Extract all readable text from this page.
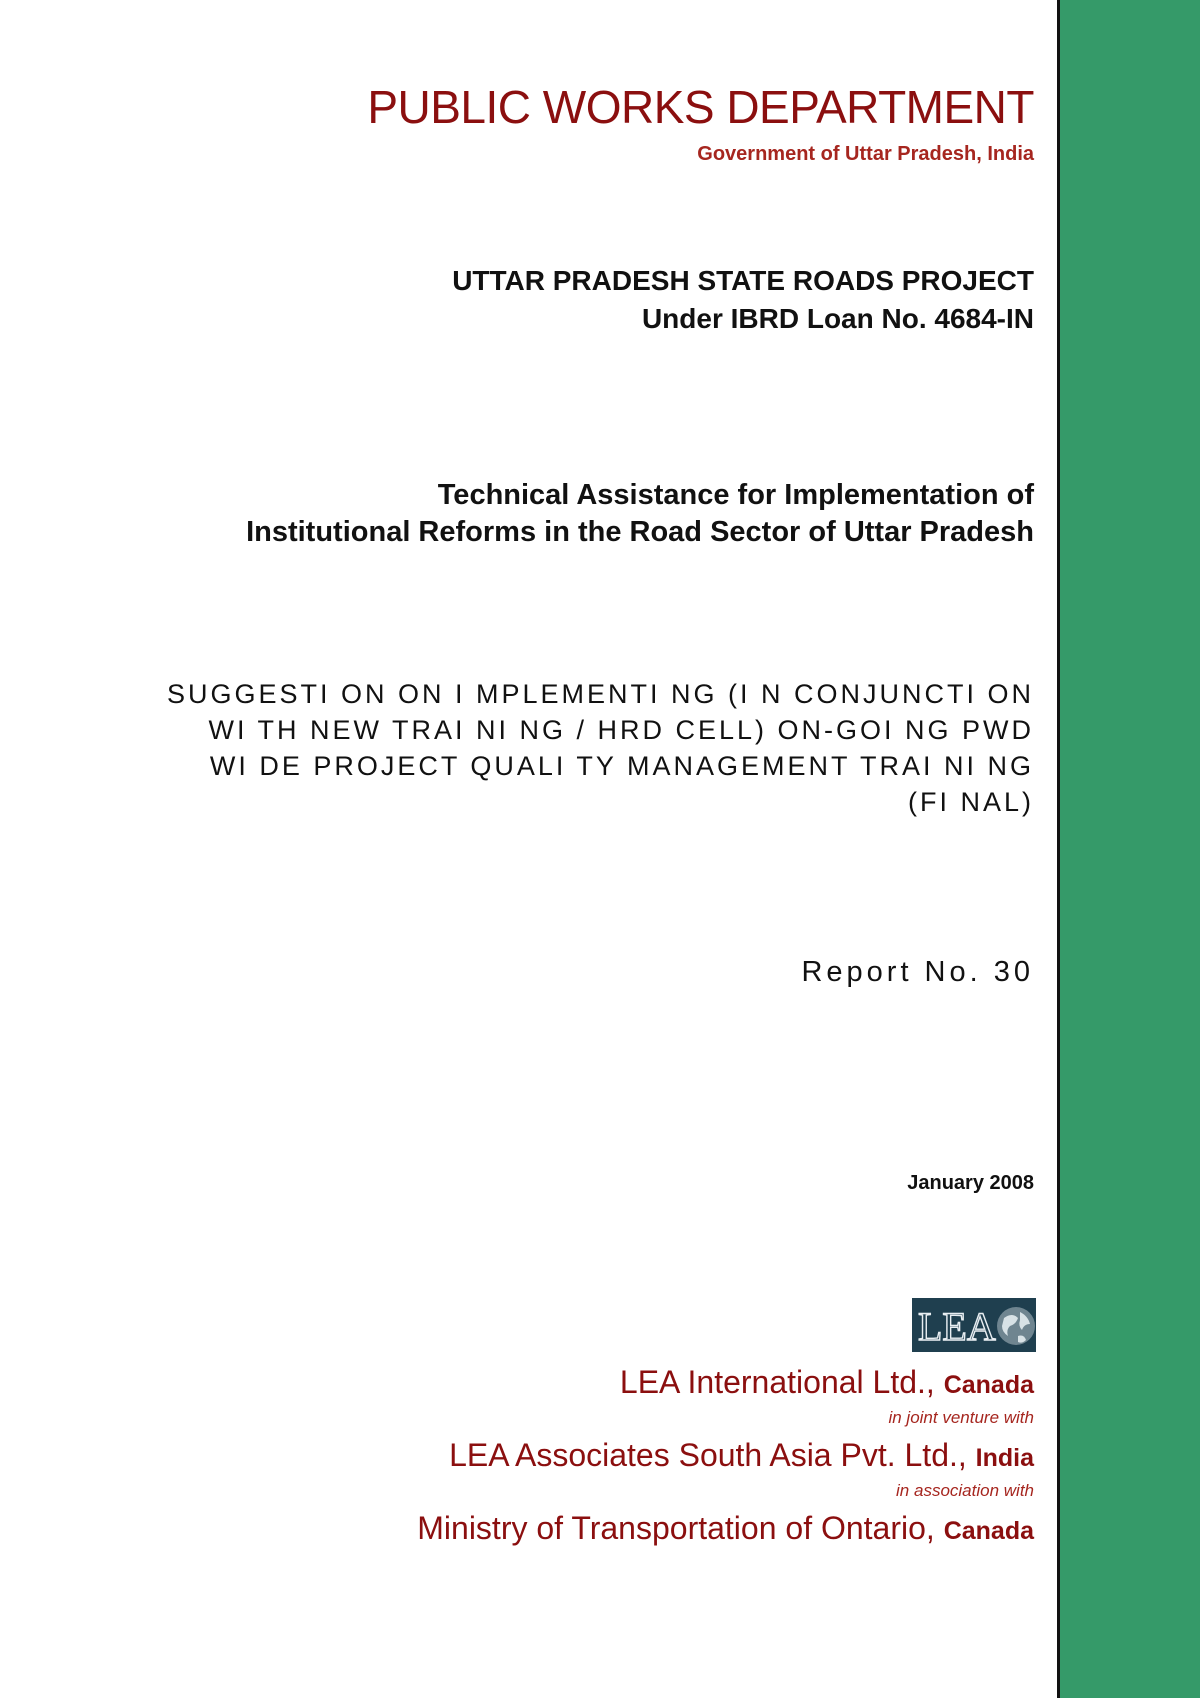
PUBLIC WORKS DEPARTMENT
Government of Uttar Pradesh, India
UTTAR PRADESH STATE ROADS PROJECT
Under IBRD Loan No. 4684-IN
Technical Assistance for Implementation of
Institutional Reforms in the Road Sector of Uttar Pradesh
SUGGESTI ON ON I MPLEMENTI NG (I N CONJUNCTI ON
WI TH NEW TRAI NI NG / HRD CELL) ON-GOI NG PWD
WI DE PROJECT QUALI TY MANAGEMENT TRAI NI NG
(FI NAL)
Report No. 30
January 2008
LEA
LEA International Ltd., Canada
in joint venture with
LEA Associates South Asia Pvt. Ltd., India
in association with
Ministry of Transportation of Ontario, Canada
